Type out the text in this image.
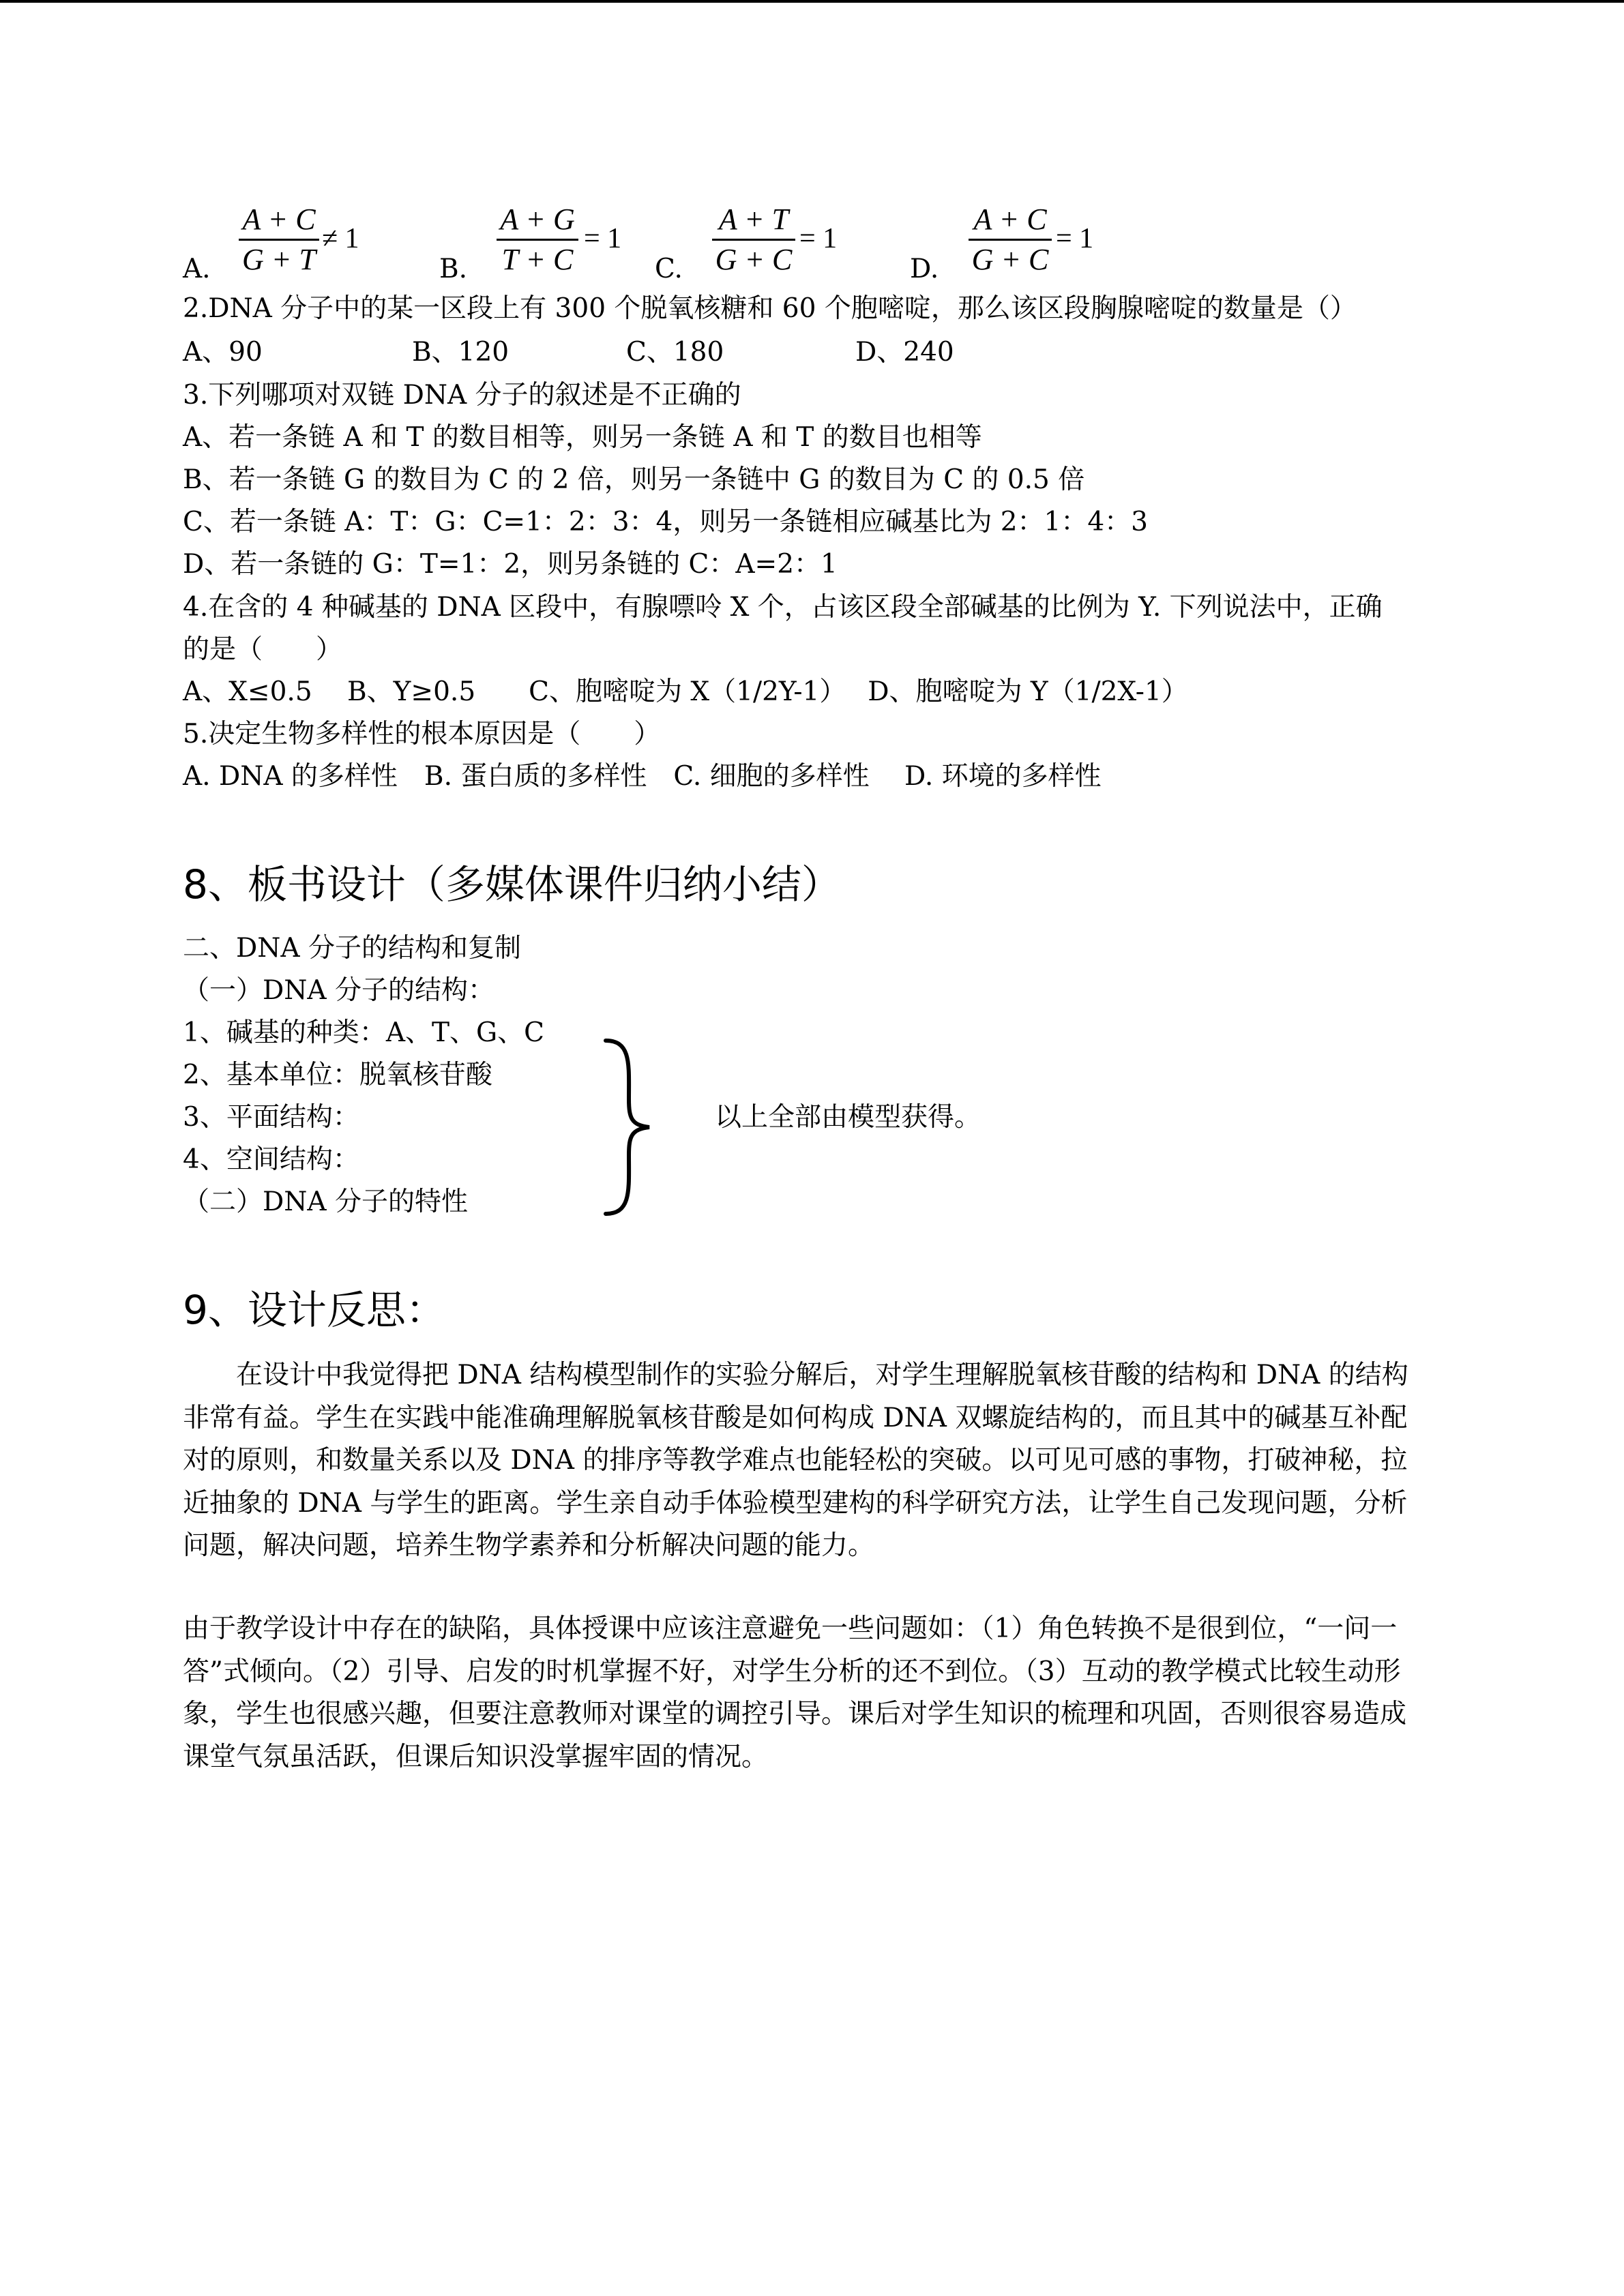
A.
A + C
G + T
≠ 1
B.
A + G
T + C
= 1
C.
A + T
G + C
= 1
D.
A + C
G + C
= 1
2.DNA 分子中的某一区段上有 300 个脱氧核糖和 60 个胞嘧啶，那么该区段胸腺嘧啶的数量是（）
A、90	B、120	C、180	D、240
3.下列哪项对双链 DNA 分子的叙述是不正确的
A、若一条链 A 和 T 的数目相等，则另一条链 A 和 T 的数目也相等
B、若一条链 G 的数目为 C 的 2 倍，则另一条链中 G 的数目为 C 的 0.5 倍
C、若一条链 A：T：G：C=1：2：3：4，则另一条链相应碱基比为 2：1：4：3
D、若一条链的 G：T=1：2，则另条链的 C：A=2：1
4.在含的 4 种碱基的 DNA 区段中，有腺嘌呤 X 个，占该区段全部碱基的比例为 Y. 下列说法中，正确
的是（　　）
A、X≤0.5　 B、Y≥0.5　　C、胞嘧啶为 X（1/2Y-1）　 D、胞嘧啶为 Y（1/2X-1）
5.决定生物多样性的根本原因是（　　）
A. DNA 的多样性　B. 蛋白质的多样性　C. 细胞的多样性　 D. 环境的多样性
8、板书设计（多媒体课件归纳小结）
二、DNA 分子的结构和复制
（一）DNA 分子的结构：
1、碱基的种类：A、T、G、C
2、基本单位：脱氧核苷酸
3、平面结构：
4、空间结构：
（二）DNA 分子的特性
以上全部由模型获得。
9、设计反思：
在设计中我觉得把 DNA 结构模型制作的实验分解后，对学生理解脱氧核苷酸的结构和 DNA 的结构非常有益。学生在实践中能准确理解脱氧核苷酸是如何构成 DNA 双螺旋结构的，而且其中的碱基互补配对的原则，和数量关系以及 DNA 的排序等教学难点也能轻松的突破。以可见可感的事物，打破神秘，拉近抽象的 DNA 与学生的距离。学生亲自动手体验模型建构的科学研究方法，让学生自己发现问题，分析问题，解决问题，培养生物学素养和分析解决问题的能力。
由于教学设计中存在的缺陷，具体授课中应该注意避免一些问题如：（1）角色转换不是很到位，“一问一答”式倾向。（2）引导、启发的时机掌握不好，对学生分析的还不到位。（3）互动的教学模式比较生动形象，学生也很感兴趣，但要注意教师对课堂的调控引导。课后对学生知识的梳理和巩固，否则很容易造成课堂气氛虽活跃，但课后知识没掌握牢固的情况。
